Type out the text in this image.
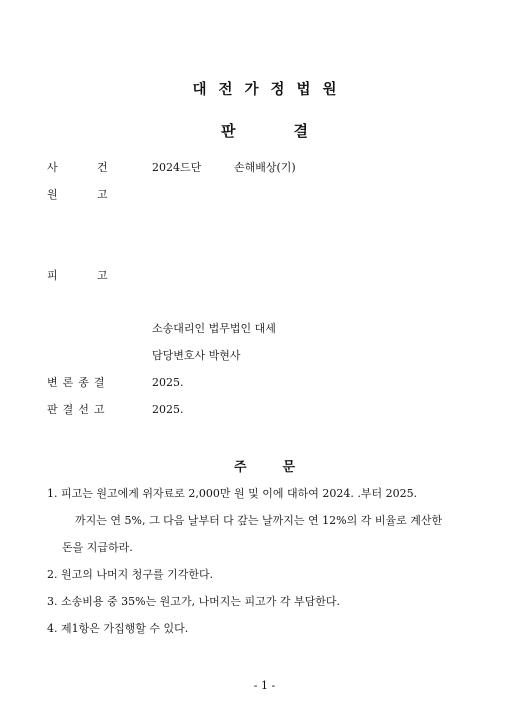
대전가정법원
판결
사	건	2024드단	손해배상(기)
원	고
피	고
소송대리인 법무법인 대세
담당변호사 박현사
변론종결	2025.
판결선고	2025.
주문
1. 피고는 원고에게 위자료로 2,000만 원 및 이에 대하여 2024. .부터 2025.
까지는 연 5%, 그 다음 날부터 다 갚는 날까지는 연 12%의 각 비율로 계산한
돈을 지급하라.
2. 원고의 나머지 청구를 기각한다.
3. 소송비용 중 35%는 원고가, 나머지는 피고가 각 부담한다.
4. 제1항은 가집행할 수 있다.
- 1 -
